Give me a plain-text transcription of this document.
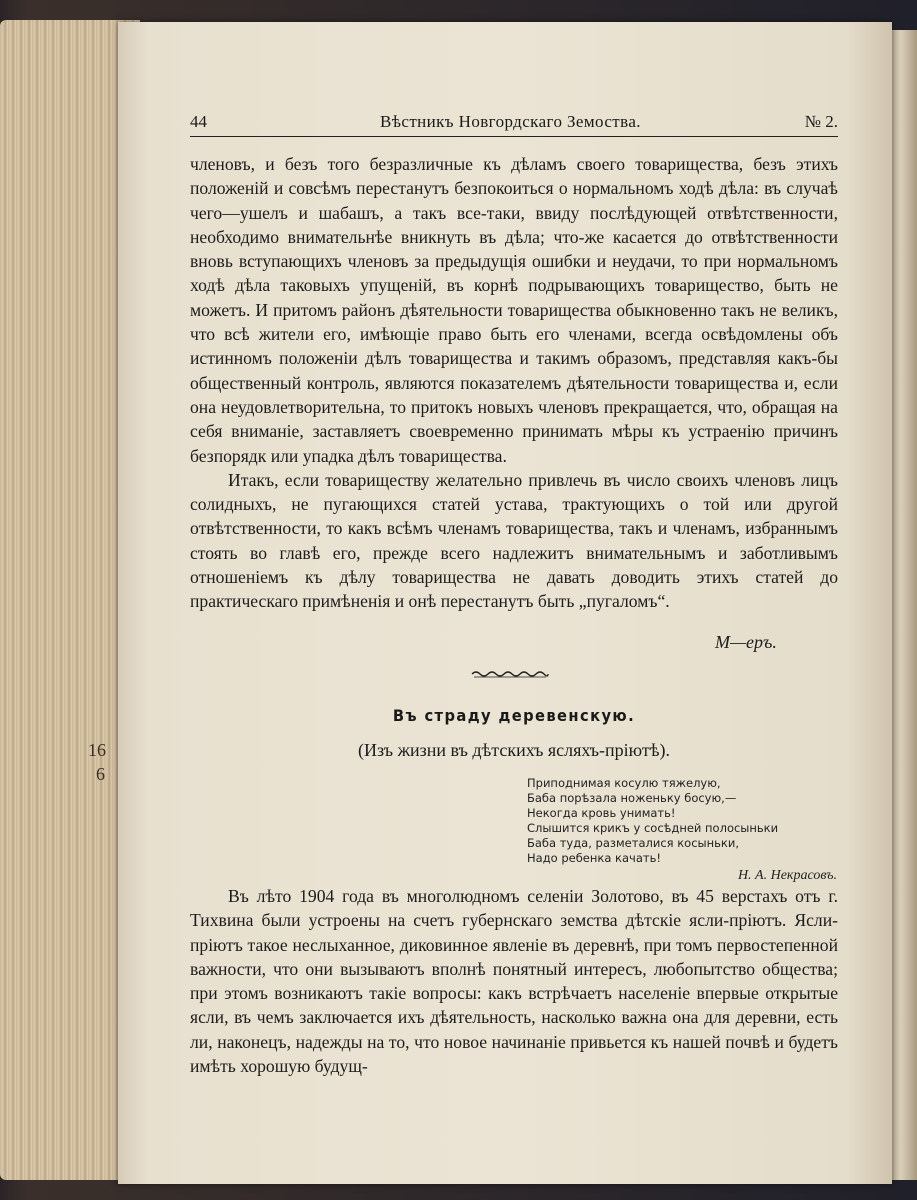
16
6
44	Вѣстникъ Новгордскаго Земоства.	№ 2.

членовъ, и безъ того безразличные къ дѣламъ своего товарищества, безъ этихъ положенiй и совсѣмъ перестанутъ безпокоиться о нормальномъ ходѣ дѣла: въ случаѣ чего—ушелъ и шабашъ, а такъ все-таки, ввиду послѣдующей отвѣтственности, необходимо внимательнѣе вникнуть въ дѣла; что-же касается до отвѣтственности вновь вступающихъ членовъ за предыдущiя ошибки и неудачи, то при нормальномъ ходѣ дѣла таковыхъ упущенiй, въ корнѣ подрывающихъ товарищество, быть не можетъ. И притомъ районъ дѣятельности товарищества обыкновенно такъ не великъ, что всѣ жители его, имѣющiе право быть его членами, всегда освѣдомлены объ истинномъ положенiи дѣлъ товарищества и такимъ образомъ, представляя какъ-бы общественный контроль, являются показателемъ дѣятельности товарищества и, если она неудовлетворительна, то притокъ новыхъ членовъ прекращается, что, обращая на себя вниманiе, заставляетъ своевременно принимать мѣры къ устраенiю причинъ безпорядк или упадка дѣлъ товарищества.

Итакъ, если товариществу желательно привлечь въ число своихъ членовъ лицъ солидныхъ, не пугающихся статей устава, трактующихъ о той или другой отвѣтственности, то какъ всѣмъ членамъ товарищества, такъ и членамъ, избраннымъ стоять во главѣ его, прежде всего надлежитъ внимательнымъ и заботливымъ отношенiемъ къ дѣлу товарищества не давать доводить этихъ статей до практическаго примѣненiя и онѣ перестанутъ быть „пугаломъ“.

М—еръ.
Въ страду деревенскую.
(Изъ жизни въ дѣтскихъ ясляхъ-прiютѣ).
Приподнимая косулю тяжелую,
Баба порѣзала ноженьку босую,—
Некогда кровь унимать!
Слышится крикъ у сосѣдней полосыньки
Баба туда, разметалися косыньки,
Надо ребенка качать!
Н. А. Некрасовъ.

Въ лѣто 1904 года въ многолюдномъ селенiи Золотово, въ 45 верстахъ отъ г. Тихвина были устроены на счетъ губернскаго земства дѣтскiе ясли-прiютъ. Ясли-прiютъ такое неслыханное, диковинное явленiе въ деревнѣ, при томъ первостепенной важности, что они вызываютъ вполнѣ понятный интересъ, любопытство общества; при этомъ возникаютъ такiе вопросы: какъ встрѣчаетъ населенiе впервые открытые ясли, въ чемъ заключается ихъ дѣятельность, насколько важна она для деревни, есть ли, наконецъ, надежды на то, что новое начинанiе привьется къ нашей почвѣ и будетъ имѣть хорошую будущ-
